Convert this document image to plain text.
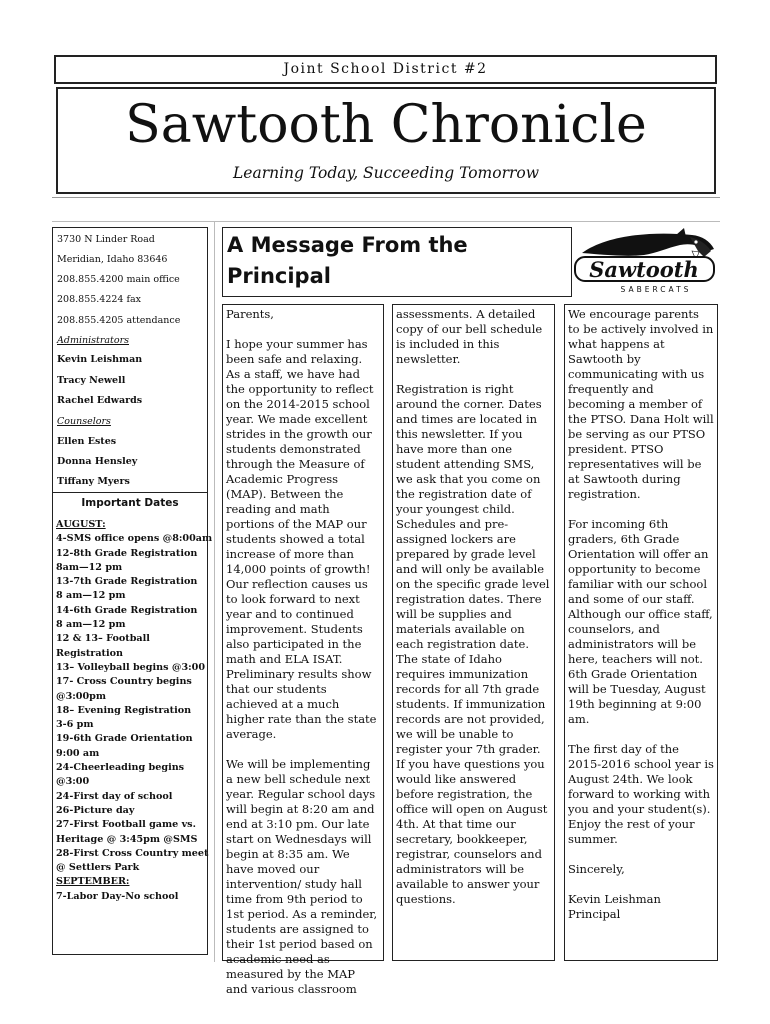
Joint School District #2
Sawtooth Chronicle
Learning Today, Succeeding Tomorrow
3730 N Linder Road
Meridian, Idaho 83646
208.855.4200 main office
208.855.4224 fax
208.855.4205 attendance
Administrators
Kevin Leishman
Tracy Newell
Rachel Edwards
Counselors
Ellen Estes
Donna Hensley
Tiffany Myers
Important Dates
AUGUST:
4-SMS office opens @8:00am
12-8th Grade Registration
8am—12 pm
13-7th Grade Registration
8 am—12 pm
14-6th Grade Registration
8 am—12 pm
12 & 13– Football
Registration
13– Volleyball begins @3:00
17- Cross Country begins
@3:00pm
18– Evening Registration
3-6 pm
19-6th Grade Orientation
9:00 am
24-Cheerleading begins
@3:00
24-First day of school
26-Picture day
27-First Football game vs.
Heritage @ 3:45pm @SMS
28-First Cross Country meet
@ Settlers Park
SEPTEMBER:
7-Labor Day-No school
A Message From the
Principal	Sawtooth
SABERCATS

Parents,

I hope your summer has been safe and relaxing. As a staff, we have had the opportunity to reflect on the 2014-2015 school year. We made excellent strides in the growth our students demonstrated through the Measure of Academic Progress (MAP). Between the reading and math portions of the MAP our students showed a total increase of more than 14,000 points of growth! Our reflection causes us to look forward to next year and to continued improvement. Students also participated in the math and ELA ISAT. Preliminary results show that our students achieved at a much higher rate than the state average.

We will be implementing a new bell schedule next year. Regular school days will begin at 8:20 am and end at 3:10 pm. Our late start on Wednesdays will begin at 8:35 am. We have moved our intervention/ study hall time from 9th period to 1st period. As a reminder, students are assigned to their 1st period based on academic need as measured by the MAP and various classroom

assessments. A detailed copy of our bell schedule is included in this newsletter.

Registration is right around the corner. Dates and times are located in this newsletter. If you have more than one student attending SMS, we ask that you come on the registration date of your youngest child. Schedules and pre-assigned lockers are prepared by grade level and will only be available on the specific grade level registration dates. There will be supplies and materials available on each registration date. The state of Idaho requires immunization records for all 7th grade students. If immunization records are not provided, we will be unable to register your 7th grader. If you have questions you would like answered before registration, the office will open on August 4th. At that time our secretary, bookkeeper, registrar, counselors and administrators will be available to answer your questions.

We encourage parents to be actively involved in what happens at Sawtooth by communicating with us frequently and becoming a member of the PTSO. Dana Holt will be serving as our PTSO president. PTSO representatives will be at Sawtooth during registration.

For incoming 6th graders, 6th Grade Orientation will offer an opportunity to become familiar with our school and some of our staff. Although our office staff, counselors, and administrators will be here, teachers will not. 6th Grade Orientation will be Tuesday, August 19th beginning at 9:00 am.

The first day of the 2015-2016 school year is August 24th. We look forward to working with you and your student(s). Enjoy the rest of your summer.

Sincerely,

Kevin Leishman

Principal
